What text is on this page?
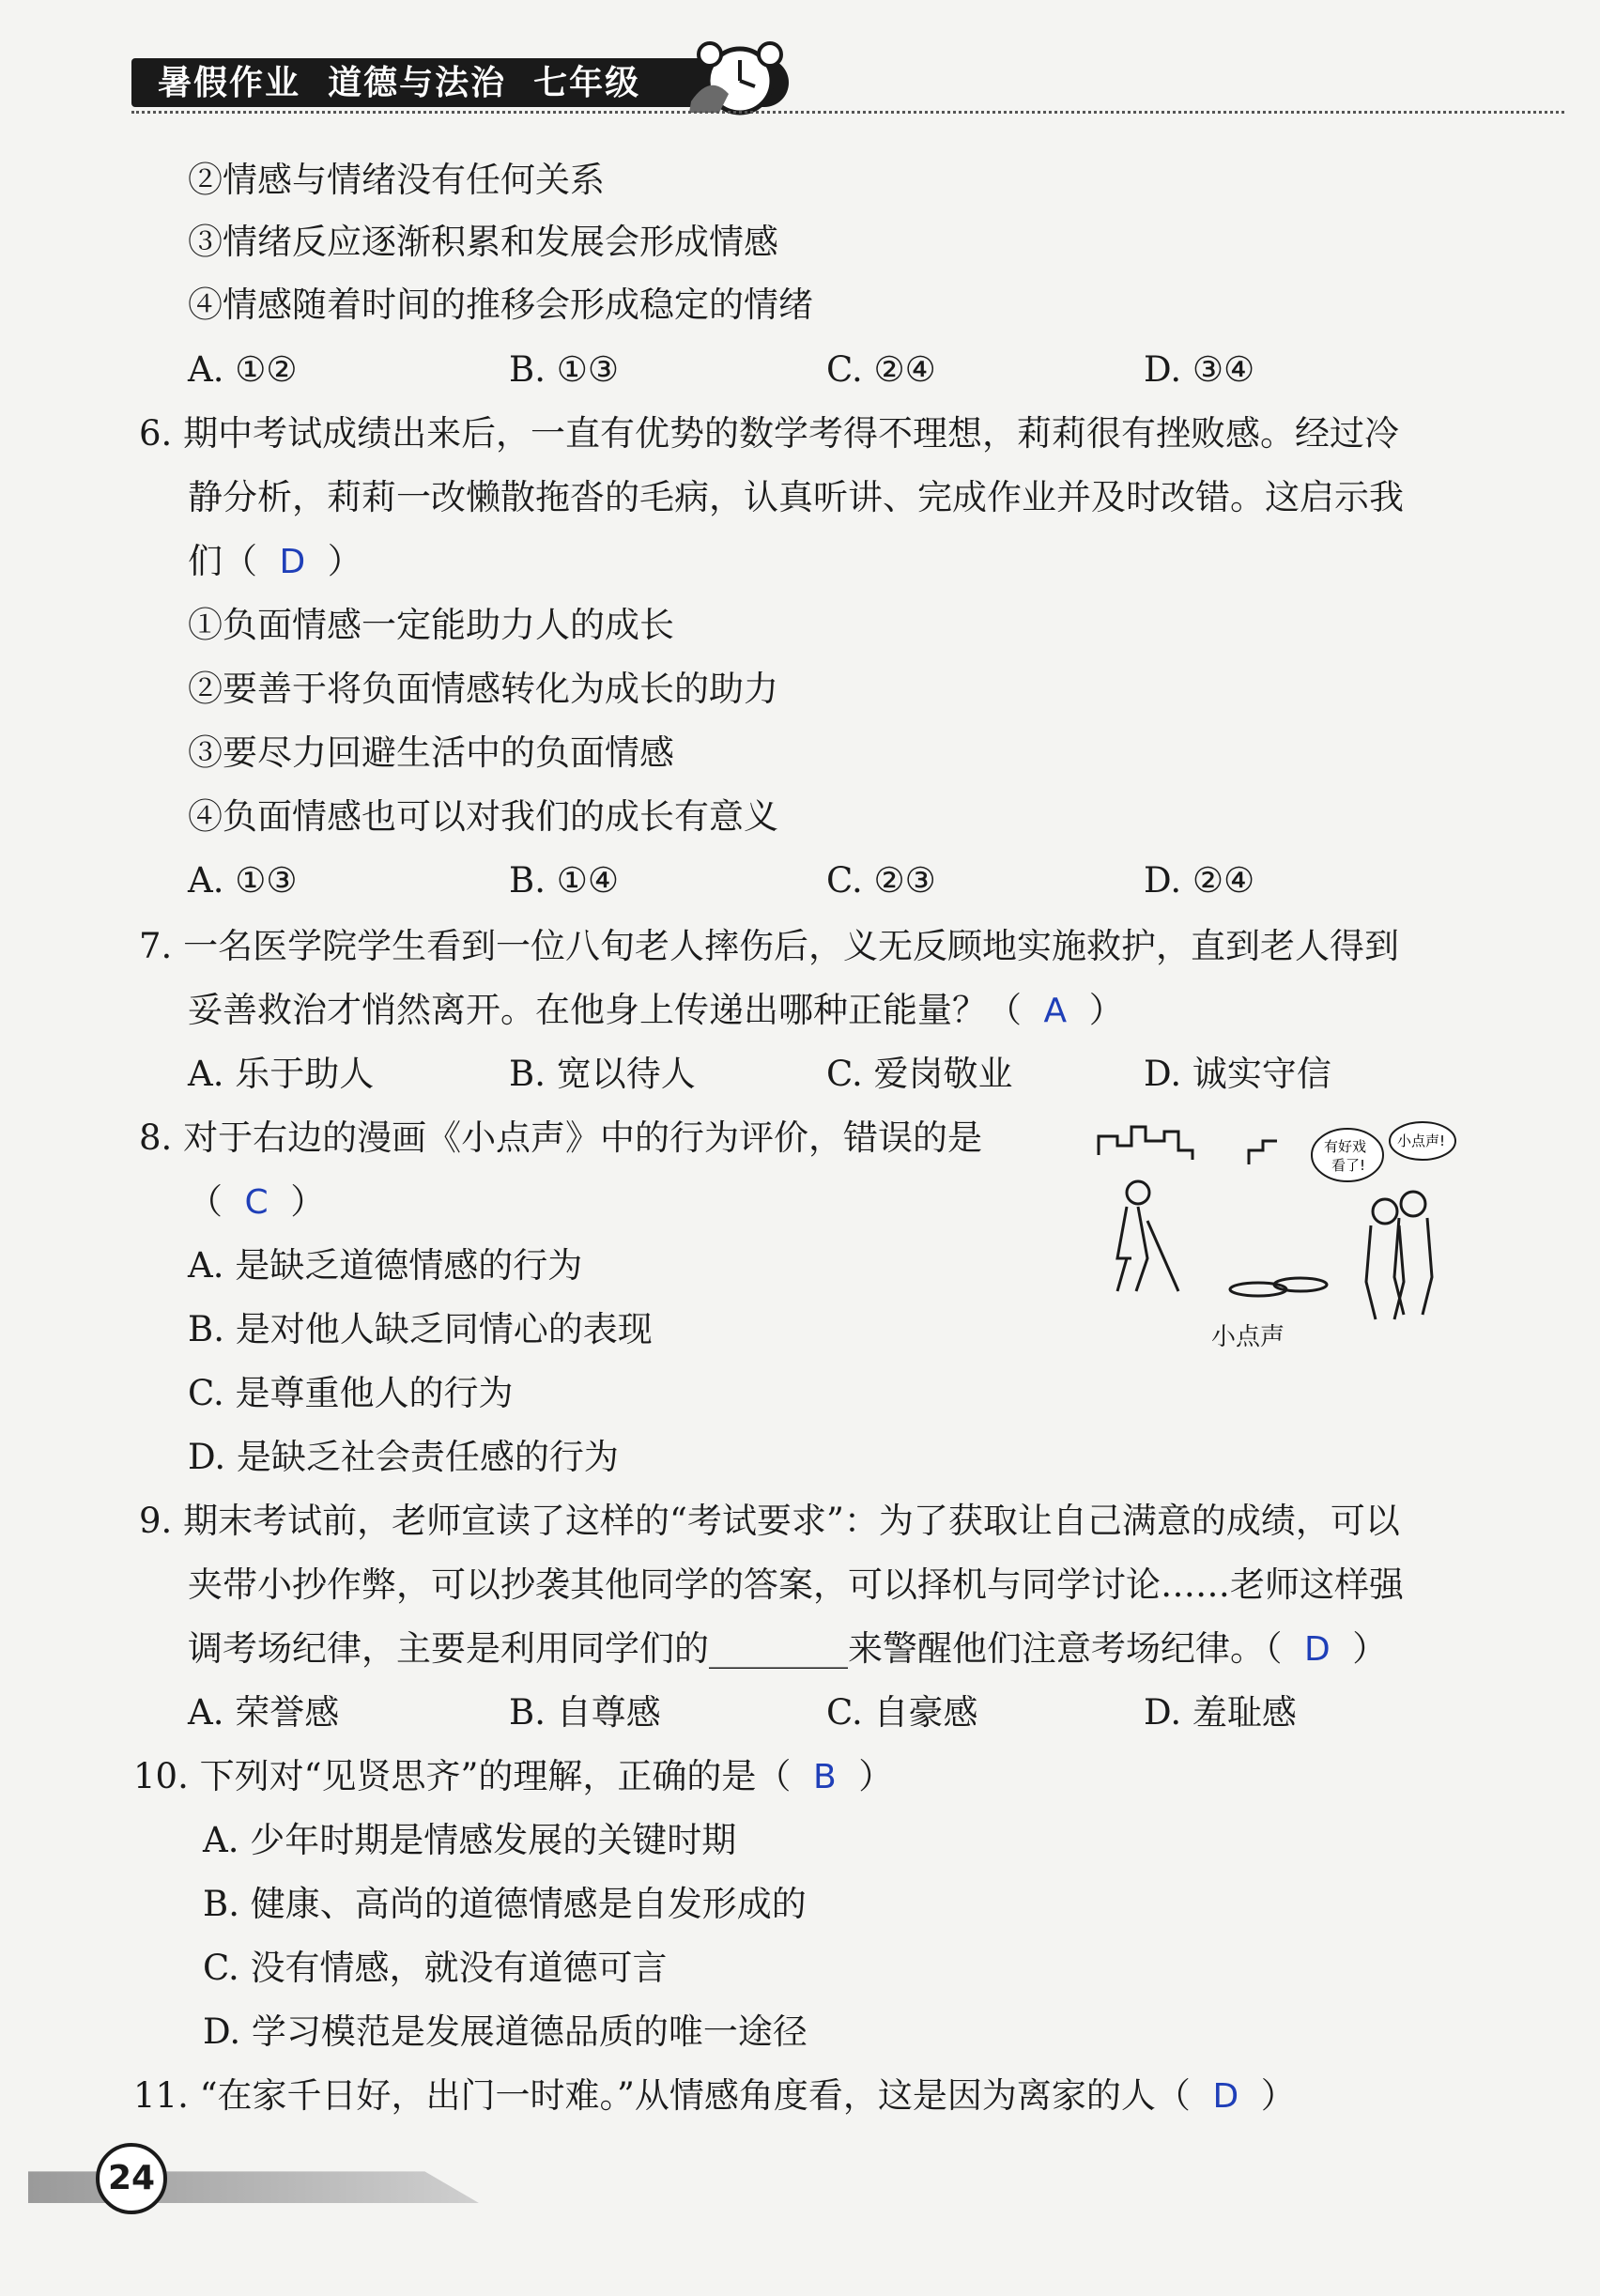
暑假作业  道德与法治  七年级
②情感与情绪没有任何关系
③情绪反应逐渐积累和发展会形成情感
④情感随着时间的推移会形成稳定的情绪
A. ①②	B. ①③	C. ②④	D. ③④
6. 期中考试成绩出来后，一直有优势的数学考得不理想，莉莉很有挫败感。经过冷
静分析，莉莉一改懒散拖沓的毛病，认真听讲、完成作业并及时改错。这启示我
们（ D ）
①负面情感一定能助力人的成长
②要善于将负面情感转化为成长的助力
③要尽力回避生活中的负面情感
④负面情感也可以对我们的成长有意义
A. ①③	B. ①④	C. ②③	D. ②④
7. 一名医学院学生看到一位八旬老人摔伤后，义无反顾地实施救护，直到老人得到
妥善救治才悄然离开。在他身上传递出哪种正能量？（ A ）
A. 乐于助人	B. 宽以待人	C. 爱岗敬业	D. 诚实守信
8. 对于右边的漫画《小点声》中的行为评价，错误的是
（ C ）
A. 是缺乏道德情感的行为
B. 是对他人缺乏同情心的表现
C. 是尊重他人的行为
D. 是缺乏社会责任感的行为
有好戏
看了!
小点声!
小点声
9. 期末考试前，老师宣读了这样的“考试要求”：为了获取让自己满意的成绩，可以
夹带小抄作弊，可以抄袭其他同学的答案，可以择机与同学讨论……老师这样强
调考场纪律，主要是利用同学们的________来警醒他们注意考场纪律。（ D ）
A. 荣誉感	B. 自尊感	C. 自豪感	D. 羞耻感
10. 下列对“见贤思齐”的理解，正确的是（ B ）
A. 少年时期是情感发展的关键时期
B. 健康、高尚的道德情感是自发形成的
C. 没有情感，就没有道德可言
D. 学习模范是发展道德品质的唯一途径
11. “在家千日好，出门一时难。”从情感角度看，这是因为离家的人（ D ）
24
